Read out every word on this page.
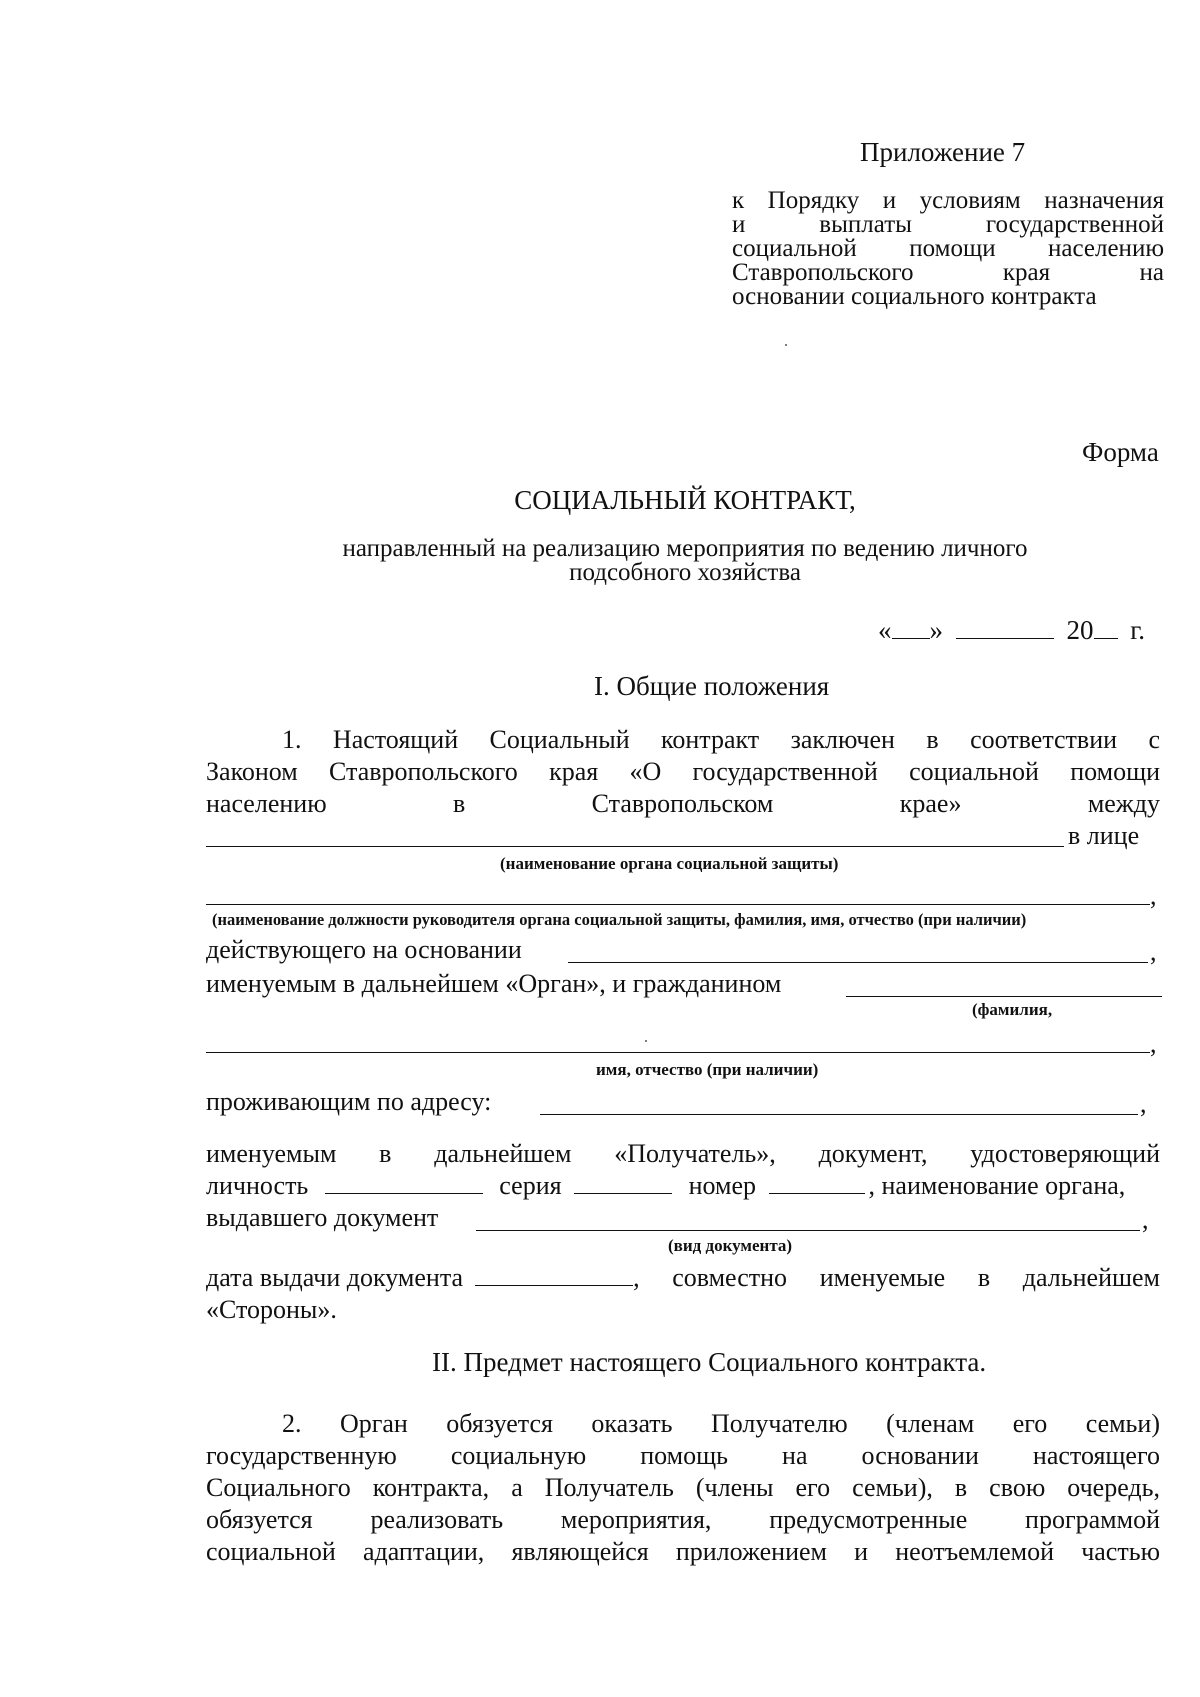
Приложение 7
к Порядку и условиям назначения
и выплаты государственной
социальной помощи населению
Ставропольского края на
основании социального контракта
Форма
СОЦИАЛЬНЫЙ КОНТРАКТ,
направленный на реализацию мероприятия по ведению личного
подсобного хозяйства
« »	20 г.
I. Общие положения
1. Настоящий Социальный контракт заключен в соответствии с
Законом Ставропольского края «О государственной социальной помощи
населению в Ставропольском крае» между
в лице
(наименование органа социальной защиты)
,
(наименование должности руководителя органа социальной защиты, фамилия, имя, отчество (при наличии)
действующего на основании	,
именуемым в дальнейшем «Орган», и гражданином
(фамилия,
,
имя, отчество (при наличии)
проживающим по адресу:	,
именуемым в дальнейшем «Получатель», документ, удостоверяющий
личность	серия	номер	, наименование органа,
выдавшего документ	,
(вид документа)
дата выдачи документа	, совместно именуемые в дальнейшем
«Стороны».
II. Предмет настоящего Социального контракта.
2. Орган обязуется оказать Получателю (членам его семьи)
государственную социальную помощь на основании настоящего
Социального контракта, а Получатель (члены его семьи), в свою очередь,
обязуется реализовать мероприятия, предусмотренные программой
социальной адаптации, являющейся приложением и неотъемлемой частью
